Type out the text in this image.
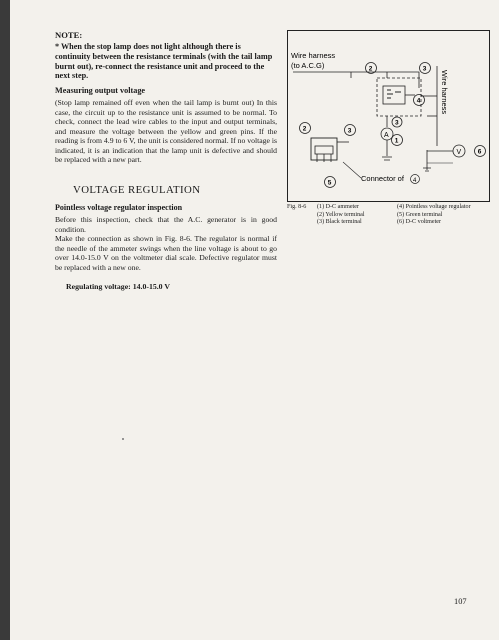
NOTE:

* When the stop lamp does not light although there is continuity between the resistance terminals (with the tail lamp burnt out), re-connect the resistance unit and proceed to the next step.

Measuring output voltage

(Stop lamp remained off even when the tail lamp is burnt out) In this case, the circuit up to the resistance unit is assumed to be normal. To check, connect the lead wire cables to the input and output terminals, and measure the voltage between the yellow and green pins. If the reading is from 4.9 to 6 V, the unit is considered normal. If no voltage is indicated, it is an indication that the lamp unit is defective and should be replaced with a new part.

VOLTAGE REGULATION

Pointless voltage regulator inspection

Before this inspection, check that the A.C. generator is in good condition.

Make the connection as shown in Fig. 8-6. The regulator is normal if the needle of the ammeter swings when the line voltage is about to go over 14.0-15.0 V on the voltmeter dial scale. Defective regulator must be replaced with a new one.

Regulating voltage: 14.0-15.0 V

Wire harness
(to A.C.G)
Wire harness
V
A
Connector of 4
2	3
4
3
1
2	3
5
6
Fig. 8-6	(1) D-C ammeter	(4) Pointless voltage regulator
(2) Yellow terminal	(5) Green terminal
(3) Black terminal	(6) D-C voltmeter

107
